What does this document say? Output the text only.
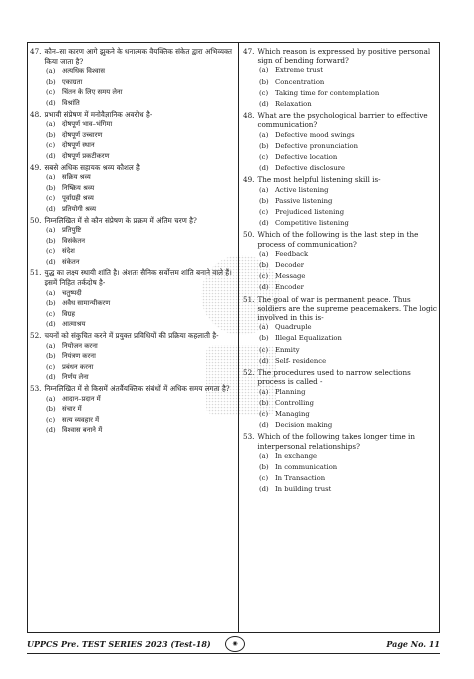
47. कौन–सा कारण आगे झुकने के धनात्मक वैयक्तिक संकेत द्वारा अभिव्यक्त किया जाता है?
(a) अत्यधिक विश्वास
(b) एकाग्रता
(c)	चिंतन के लिए समय लेना
(d) विश्रांति
48. प्रभावी संप्रेषण में मनोवैज्ञानिक अवरोध है-
(a) दोषपूर्ण भाव–भंगिमा
(b) दोषपूर्ण उच्चारण
(c)	दोषपूर्ण स्थान
(d) दोषपूर्ण प्रकटीकरण
49. सबसे अधिक सहायक श्रव्य कौशल है
(a) सक्रिय श्रव्य
(b) निष्क्रिय श्रव्य
(c)	पूर्वाग्रही श्रव्य
(d) प्रतियोगी श्रव्य
50. निम्नलिखित में से कौन संप्रेषण के प्रक्रम में अंतिम चरण है?
(a) प्रतिपुष्टि
(b) विसंकेतन
(c)	संदेश
(d) संकेतन
51. युद्ध का लक्ष्य स्थायी शांति है। अंशतः सैनिक सर्वोत्तम शांति बनाने वाले हैं। इसमें निहित तर्कदोष है-
(a) चतुष्पदी
(b) अवैध सामान्यीकरण
(c)	विग्रह
(d) आत्माश्रय
52. चयनों को संकुचित करने में प्रयुक्त प्रविधियों की प्रक्रिया कहलाती है-
(a) नियोजन करना
(b) नियंत्रण करना
(c)	प्रबंधन करना
(d) निर्णय लेना
53. निम्नलिखित में से किसमें अंतर्वैयक्तिक संबंधों में अधिक समय लगता है?
(a) आदान–प्रदान में
(b) संचार में
(c)	सत्य व्यवहार में
(d) विश्वास बनाने में
47. Which reason is expressed by positive personal sign of bending forward?
(a) Extreme trust
(b) Concentration
(c)	Taking time for contemplation
(d) Relaxation
48. What are the psychological barrier to effective communication?
(a) Defective mood swings
(b) Defective pronunciation
(c)	Defective location
(d) Defective disclosure
49. The most helpful listening skill is-
(a) Active listening
(b) Passive listening
(c)	Prejudiced listening
(d) Competitive listening
50. Which of the following is the last step in the process of communication?
(a) Feedback
(b) Decoder
(c)	Message
(d) Encoder
51. The goal of war is permanent peace. Thus soldiers are the supreme peacemakers. The logic involved in this is-
(a) Quadruple
(b) Illegal Equalization
(c)	Enmity
(d) Self- residence
52. The procedures used to narrow selections process is called -
(a) Planning
(b) Controlling
(c)	Managing
(d) Decision making
53. Which of the following takes longer time in interpersonal relationships?
(a) In exchange
(b) In communication
(c)	In Transaction
(d) In building trust
UPPCS Pre. TEST SERIES 2023 (Test-18)	◉	Page No. 11
